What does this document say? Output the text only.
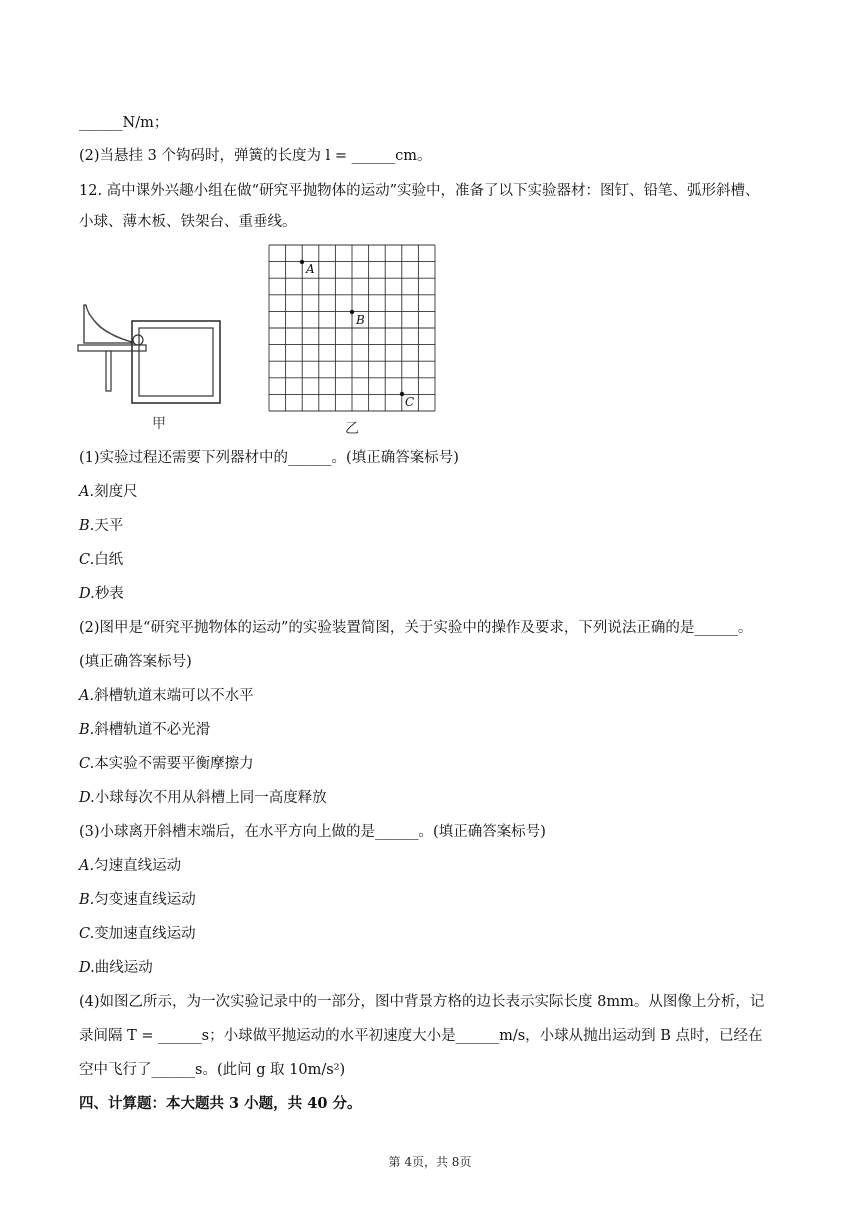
______N/m；
(2)当悬挂 3 个钩码时，弹簧的长度为 l = ______cm。
12. 高中课外兴趣小组在做“研究平抛物体的运动”实验中，准备了以下实验器材：图钉、铅笔、弧形斜槽、
小球、薄木板、铁架台、重垂线。
甲
A
B
C
乙
(1)实验过程还需要下列器材中的______。(填正确答案标号)
A.刻度尺
B.天平
C.白纸
D.秒表
(2)图甲是“研究平抛物体的运动”的实验装置简图，关于实验中的操作及要求，下列说法正确的是______。
(填正确答案标号)
A.斜槽轨道末端可以不水平
B.斜槽轨道不必光滑
C.本实验不需要平衡摩擦力
D.小球每次不用从斜槽上同一高度释放
(3)小球离开斜槽末端后，在水平方向上做的是______。(填正确答案标号)
A.匀速直线运动
B.匀变速直线运动
C.变加速直线运动
D.曲线运动
(4)如图乙所示，为一次实验记录中的一部分，图中背景方格的边长表示实际长度 8mm。从图像上分析，记
录间隔 T = ______s；小球做平抛运动的水平初速度大小是______m/s，小球从抛出运动到 B 点时，已经在
空中飞行了______s。(此问 g 取 10m/s²)
四、计算题：本大题共 3 小题，共 40 分。
第 4页，共 8页
